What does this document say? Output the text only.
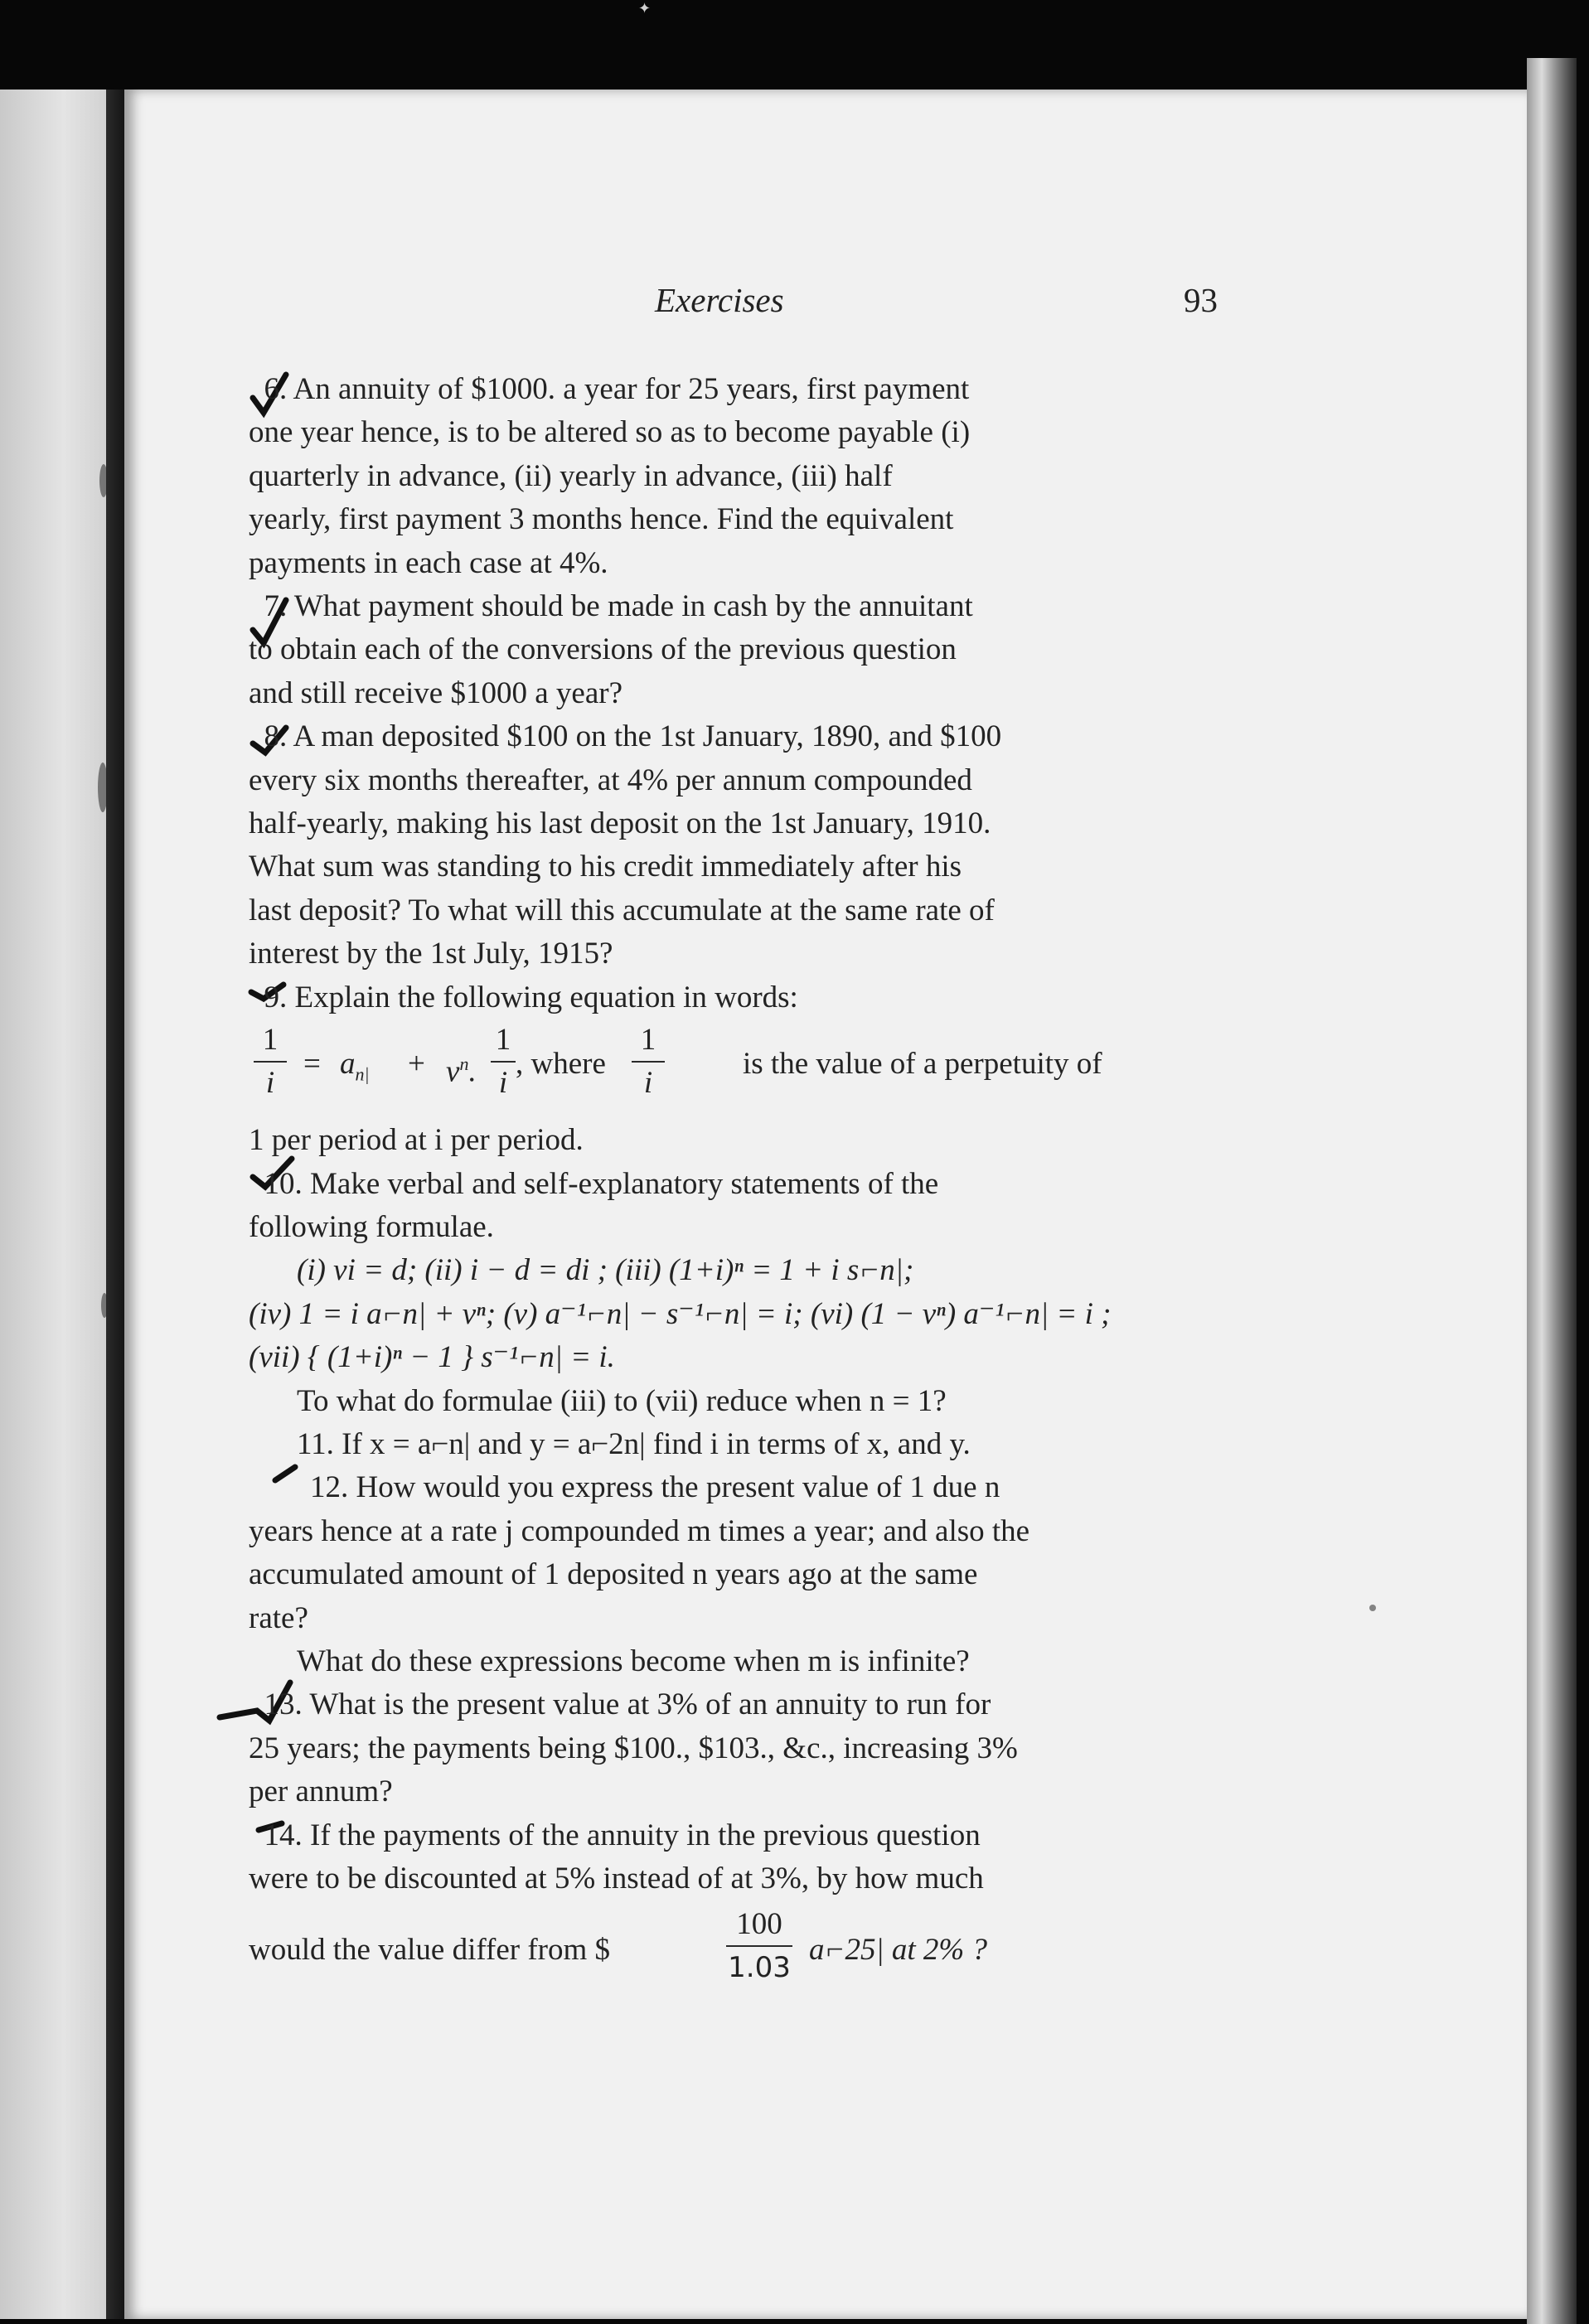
✦
Exercises	93

6. An annuity of $1000. a year for 25 years, first payment
one year hence, is to be altered so as to become payable (i)
quarterly in advance, (ii) yearly in advance, (iii) half
yearly, first payment 3 months hence. Find the equivalent
payments in each case at 4%.

7. What payment should be made in cash by the annuitant
to obtain each of the conversions of the previous question
and still receive $1000 a year?

8. A man deposited $100 on the 1st January, 1890, and $100
every six months thereafter, at 4% per annum compounded
half-yearly, making his last deposit on the 1st January, 1910.
What sum was standing to his credit immediately after his
last deposit? To what will this accumulate at the same rate of
interest by the 1st July, 1915?

9. Explain the following equation in words:

1
i
= $a_{n|} + v^n$.
1
i
, where
1
i
is the value of a perpetuity of

1 per period at i per period.

10. Make verbal and self-explanatory statements of the
following formulae.
(i) vi = d; (ii) i − d = di ; (iii) (1+i)ⁿ = 1 + i s⌐n|;
(iv) 1 = i a⌐n| + vⁿ; (v) a⁻¹⌐n| − s⁻¹⌐n| = i; (vi) (1 − vⁿ) a⁻¹⌐n| = i ;
(vii) { (1+i)ⁿ − 1 } s⁻¹⌐n| = i.
To what do formulae (iii) to (vii) reduce when n = 1?

11. If x = a⌐n| and y = a⌐2n| find i in terms of x, and y.

12. How would you express the present value of 1 due n
years hence at a rate j compounded m times a year; and also the
accumulated amount of 1 deposited n years ago at the same
rate?
What do these expressions become when m is infinite?

13. What is the present value at 3% of an annuity to run for
25 years; the payments being $100., $103., &c., increasing 3%
per annum?

14. If the payments of the annuity in the previous question
were to be discounted at 5% instead of at 3%, by how much

would the value differ from $
100
1.03
a⌐25| at 2% ?
